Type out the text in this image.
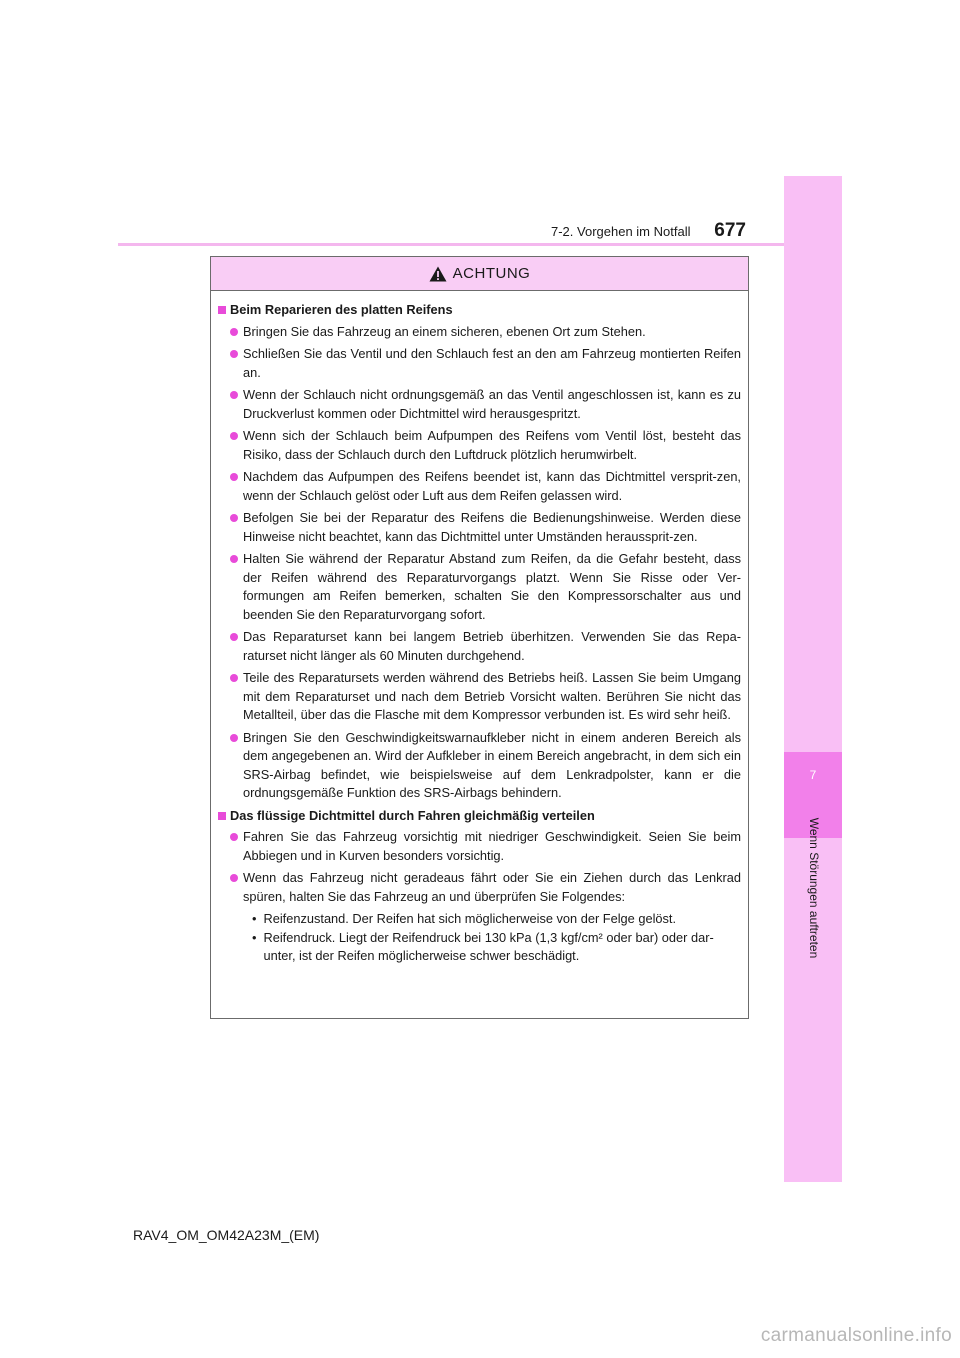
7
Wenn Störungen auftreten
7-2. Vorgehen im Notfall 677
ACHTUNG
Beim Reparieren des platten Reifens
Bringen Sie das Fahrzeug an einem sicheren, ebenen Ort zum Stehen.
Schließen Sie das Ventil und den Schlauch fest an den am Fahrzeug montierten Reifen an.
Wenn der Schlauch nicht ordnungsgemäß an das Ventil angeschlossen ist, kann es zu Druckverlust kommen oder Dichtmittel wird herausgespritzt.
Wenn sich der Schlauch beim Aufpumpen des Reifens vom Ventil löst, besteht das Risiko, dass der Schlauch durch den Luftdruck plötzlich herumwirbelt.
Nachdem das Aufpumpen des Reifens beendet ist, kann das Dichtmittel versprit-zen, wenn der Schlauch gelöst oder Luft aus dem Reifen gelassen wird.
Befolgen Sie bei der Reparatur des Reifens die Bedienungshinweise. Werden diese Hinweise nicht beachtet, kann das Dichtmittel unter Umständen heraussprit-zen.
Halten Sie während der Reparatur Abstand zum Reifen, da die Gefahr besteht, dass der Reifen während des Reparaturvorgangs platzt. Wenn Sie Risse oder Ver-formungen am Reifen bemerken, schalten Sie den Kompressorschalter aus und beenden Sie den Reparaturvorgang sofort.
Das Reparaturset kann bei langem Betrieb überhitzen. Verwenden Sie das Repa-raturset nicht länger als 60 Minuten durchgehend.
Teile des Reparatursets werden während des Betriebs heiß. Lassen Sie beim Umgang mit dem Reparaturset und nach dem Betrieb Vorsicht walten. Berühren Sie nicht das Metallteil, über das die Flasche mit dem Kompressor verbunden ist. Es wird sehr heiß.
Bringen Sie den Geschwindigkeitswarnaufkleber nicht in einem anderen Bereich als dem angegebenen an. Wird der Aufkleber in einem Bereich angebracht, in dem sich ein SRS-Airbag befindet, wie beispielsweise auf dem Lenkradpolster, kann er die ordnungsgemäße Funktion des SRS-Airbags behindern.
Das flüssige Dichtmittel durch Fahren gleichmäßig verteilen
Fahren Sie das Fahrzeug vorsichtig mit niedriger Geschwindigkeit. Seien Sie beim Abbiegen und in Kurven besonders vorsichtig.
Wenn das Fahrzeug nicht geradeaus fährt oder Sie ein Ziehen durch das Lenkrad spüren, halten Sie das Fahrzeug an und überprüfen Sie Folgendes:
• Reifenzustand. Der Reifen hat sich möglicherweise von der Felge gelöst.
• Reifendruck. Liegt der Reifendruck bei 130 kPa (1,3 kgf/cm² oder bar) oder dar-unter, ist der Reifen möglicherweise schwer beschädigt.
RAV4_OM_OM42A23M_(EM)
carmanualsonline.info
